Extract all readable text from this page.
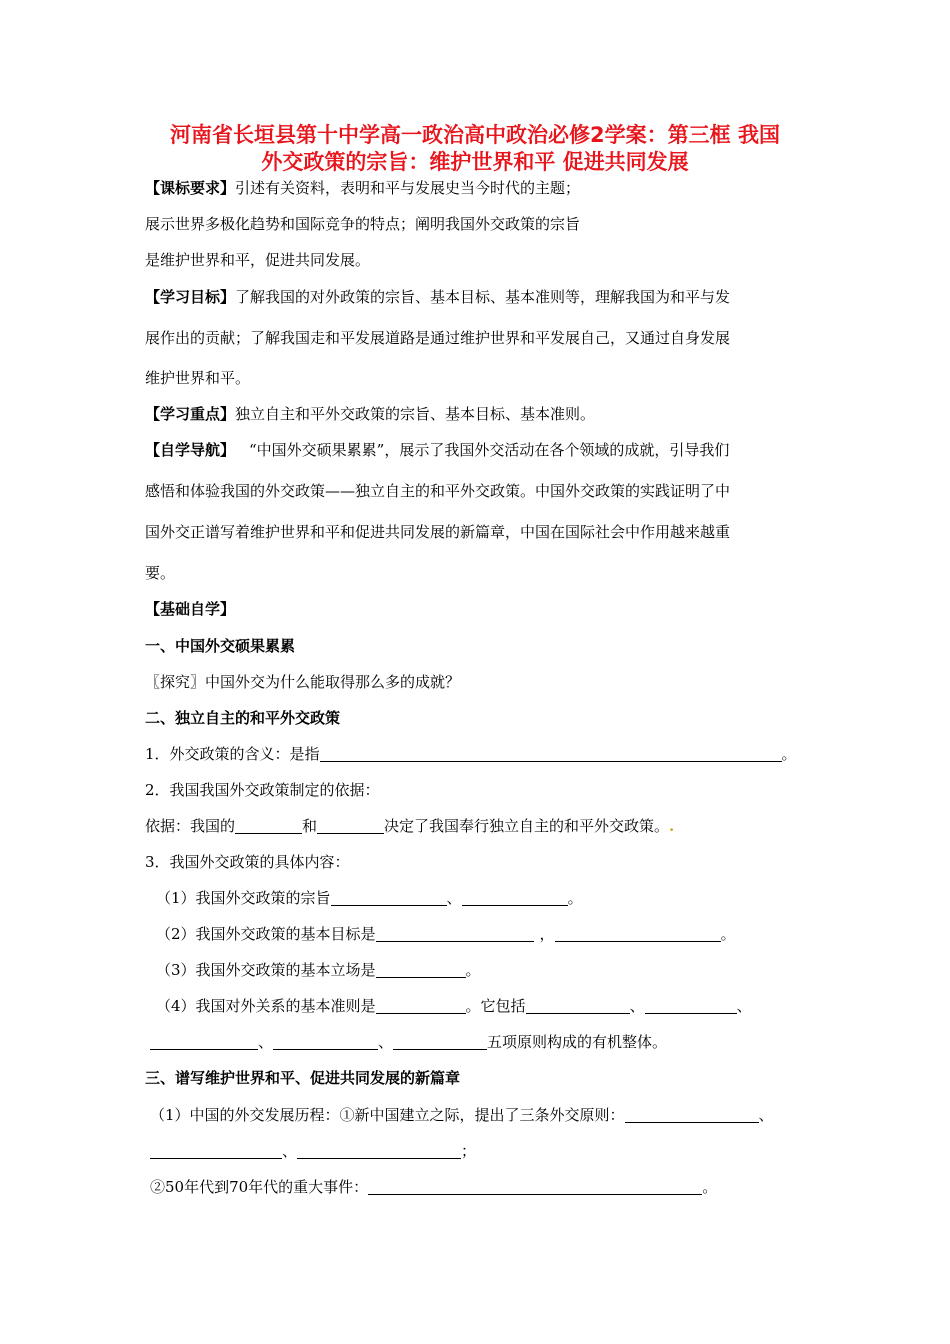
河南省长垣县第十中学高一政治高中政治必修2学案：第三框 我国
外交政策的宗旨：维护世界和平 促进共同发展
【课标要求】引述有关资料，表明和平与发展史当今时代的主题；
展示世界多极化趋势和国际竞争的特点；阐明我国外交政策的宗旨
是维护世界和平，促进共同发展。
【学习目标】了解我国的对外政策的宗旨、基本目标、基本准则等，理解我国为和平与发
展作出的贡献；了解我国走和平发展道路是通过维护世界和平发展自己，又通过自身发展
维护世界和平。
【学习重点】独立自主和平外交政策的宗旨、基本目标、基本准则。
【自学导航】 “中国外交硕果累累”，展示了我国外交活动在各个领域的成就，引导我们
感悟和体验我国的外交政策——独立自主的和平外交政策。中国外交政策的实践证明了中
国外交正谱写着维护世界和平和促进共同发展的新篇章，中国在国际社会中作用越来越重
要。
【基础自学】
一、中国外交硕果累累
〖探究〗中国外交为什么能取得那么多的成就？
二、独立自主的和平外交政策
1．外交政策的含义：是指	。
2．我国我国外交政策制定的依据：
依据：我国的	和	决定了我国奉行独立自主的和平外交政策。.
3．我国外交政策的具体内容：
（1）我国外交政策的宗旨	、	。
（2）我国外交政策的基本目标是	，	。
（3）我国外交政策的基本立场是	。
（4）我国对外关系的基本准则是	。它包括	、	、
、	、	五项原则构成的有机整体。
三、谱写维护世界和平、促进共同发展的新篇章
（1）中国的外交发展历程：①新中国建立之际，提出了三条外交原则：	、
、	；
②50年代到70年代的重大事件：	。
